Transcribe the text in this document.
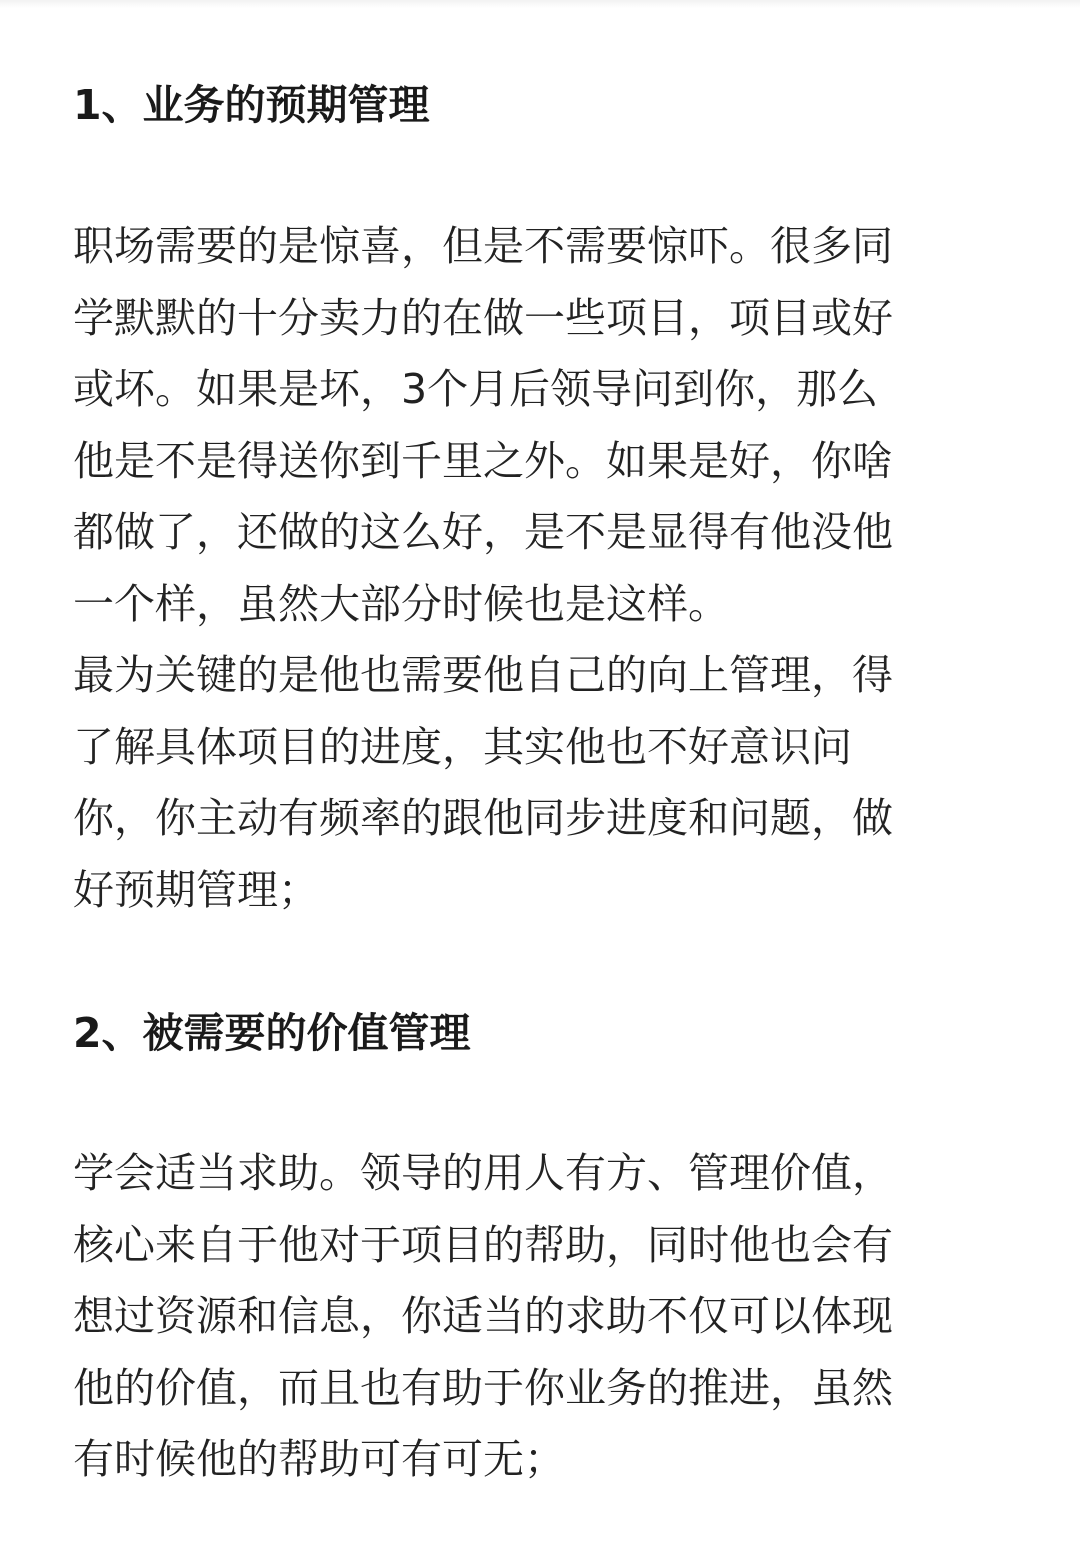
1、业务的预期管理
职场需要的是惊喜，但是不需要惊吓。很多同
学默默的十分卖力的在做一些项目，项目或好
或坏。如果是坏，3个月后领导问到你，那么
他是不是得送你到千里之外。如果是好，你啥
都做了，还做的这么好，是不是显得有他没他
一个样，虽然大部分时候也是这样。
最为关键的是他也需要他自己的向上管理，得
了解具体项目的进度，其实他也不好意识问
你，你主动有频率的跟他同步进度和问题，做
好预期管理；
2、被需要的价值管理
学会适当求助。领导的用人有方、管理价值，
核心来自于他对于项目的帮助，同时他也会有
想过资源和信息，你适当的求助不仅可以体现
他的价值，而且也有助于你业务的推进，虽然
有时候他的帮助可有可无；
